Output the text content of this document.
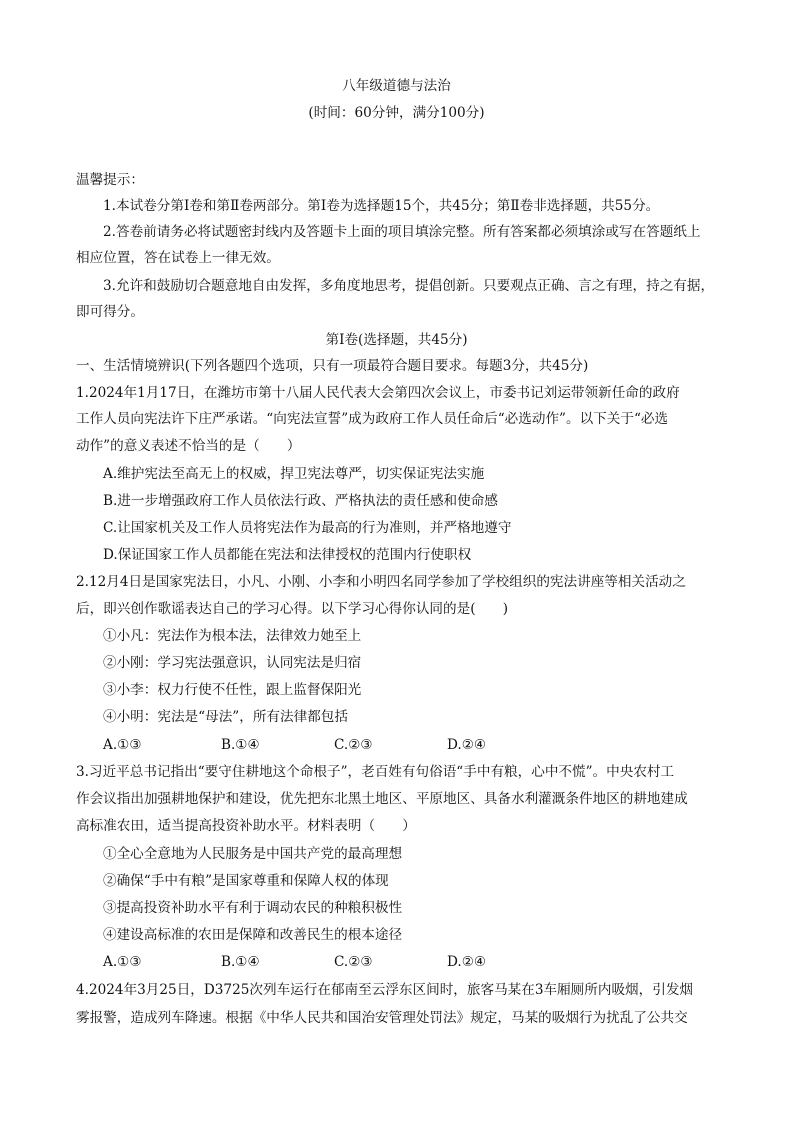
八年级道德与法治
(时间：60分钟，满分100分)
温馨提示：
1.本试卷分第Ⅰ卷和第Ⅱ卷两部分。第Ⅰ卷为选择题15个，共45分；第Ⅱ卷非选择题，共55分。
2.答卷前请务必将试题密封线内及答题卡上面的项目填涂完整。所有答案都必须填涂或写在答题纸上
相应位置，答在试卷上一律无效。
3.允许和鼓励切合题意地自由发挥，多角度地思考，提倡创新。只要观点正确、言之有理，持之有据，
即可得分。
第Ⅰ卷(选择题，共45分)
一、生活情境辨识(下列各题四个选项，只有一项最符合题目要求。每题3分，共45分)
1.2024年1月17日，在潍坊市第十八届人民代表大会第四次会议上，市委书记刘运带领新任命的政府
工作人员向宪法许下庄严承诺。“向宪法宣誓”成为政府工作人员任命后“必选动作”。以下关于“必选
动作”的意义表述不恰当的是（　　）
A.维护宪法至高无上的权威，捍卫宪法尊严，切实保证宪法实施
B.进一步增强政府工作人员依法行政、严格执法的责任感和使命感
C.让国家机关及工作人员将宪法作为最高的行为准则，并严格地遵守
D.保证国家工作人员都能在宪法和法律授权的范围内行使职权
2.12月4日是国家宪法日，小凡、小刚、小李和小明四名同学参加了学校组织的宪法讲座等相关活动之
后，即兴创作歌谣表达自己的学习心得。以下学习心得你认同的是(　　)
①小凡：宪法作为根本法，法律效力她至上
②小刚：学习宪法强意识，认同宪法是归宿
③小李：权力行使不任性，跟上监督保阳光
④小明：宪法是“母法”，所有法律都包括
A.①③	B.①④	C.②③	D.②④
3.习近平总书记指出“要守住耕地这个命根子”，老百姓有句俗语“手中有粮，心中不慌”。中央农村工
作会议指出加强耕地保护和建设，优先把东北黑土地区、平原地区、具备水利灌溉条件地区的耕地建成
高标准农田，适当提高投资补助水平。材料表明（　　）
①全心全意地为人民服务是中国共产党的最高理想
②确保“手中有粮”是国家尊重和保障人权的体现
③提高投资补助水平有利于调动农民的种粮积极性
④建设高标准的农田是保障和改善民生的根本途径
A.①③	B.①④	C.②③	D.②④
4.2024年3月25日，D3725次列车运行在郁南至云浮东区间时，旅客马某在3车厢厕所内吸烟，引发烟
雾报警，造成列车降速。根据《中华人民共和国治安管理处罚法》规定，马某的吸烟行为扰乱了公共交
